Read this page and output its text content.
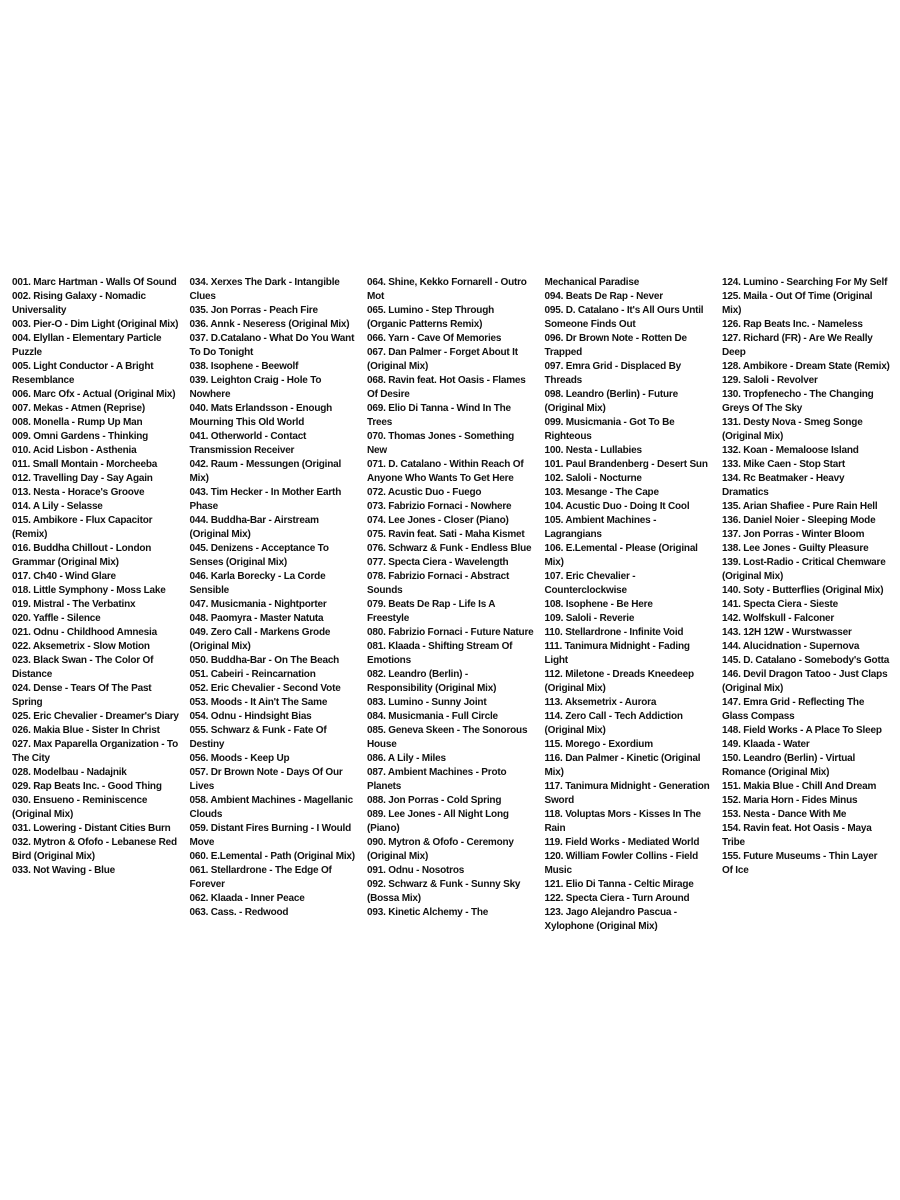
001. Marc Hartman - Walls Of Sound
002. Rising Galaxy - Nomadic Universality
003. Pier-O - Dim Light (Original Mix)
004. Elyllan - Elementary Particle Puzzle
005. Light Conductor - A Bright Resemblance
006. Marc Ofx - Actual (Original Mix)
007. Mekas - Atmen (Reprise)
008. Monella - Rump Up Man
009. Omni Gardens - Thinking
010. Acid Lisbon - Asthenia
011. Small Montain - Morcheeba
012. Travelling Day - Say Again
013. Nesta - Horace's Groove
014. A Lily - Selasse
015. Ambikore - Flux Capacitor (Remix)
016. Buddha Chillout - London Grammar (Original Mix)
017. Ch40 - Wind Glare
018. Little Symphony - Moss Lake
019. Mistral - The Verbatinx
020. Yaffle - Silence
021. Odnu - Childhood Amnesia
022. Aksemetrix - Slow Motion
023. Black Swan - The Color Of Distance
024. Dense - Tears Of The Past Spring
025. Eric Chevalier - Dreamer's Diary
026. Makia Blue - Sister In Christ
027. Max Paparella Organization - To The City
028. Modelbau - Nadajnik
029. Rap Beats Inc. - Good Thing
030. Ensueno - Reminiscence (Original Mix)
031. Lowering - Distant Cities Burn
032. Mytron & Ofofo - Lebanese Red Bird (Original Mix)
033. Not Waving - Blue
034. Xerxes The Dark - Intangible Clues
035. Jon Porras - Peach Fire
036. Annk - Neseress (Original Mix)
037. D.Catalano - What Do You Want To Do Tonight
038. Isophene - Beewolf
039. Leighton Craig - Hole To Nowhere
040. Mats Erlandsson - Enough Mourning This Old World
041. Otherworld - Contact Transmission Receiver
042. Raum - Messungen (Original Mix)
043. Tim Hecker - In Mother Earth Phase
044. Buddha-Bar - Airstream (Original Mix)
045. Denizens - Acceptance To Senses (Original Mix)
046. Karla Borecky - La Corde Sensible
047. Musicmania - Nightporter
048. Paomyra - Master Natuta
049. Zero Call - Markens Grode (Original Mix)
050. Buddha-Bar - On The Beach
051. Cabeiri - Reincarnation
052. Eric Chevalier - Second Vote
053. Moods - It Ain't The Same
054. Odnu - Hindsight Bias
055. Schwarz & Funk - Fate Of Destiny
056. Moods - Keep Up
057. Dr Brown Note - Days Of Our Lives
058. Ambient Machines - Magellanic Clouds
059. Distant Fires Burning - I Would Move
060. E.Lemental - Path (Original Mix)
061. Stellardrone - The Edge Of Forever
062. Klaada - Inner Peace
063. Cass. - Redwood
064. Shine, Kekko Fornarell - Outro Mot
065. Lumino - Step Through (Organic Patterns Remix)
066. Yarn - Cave Of Memories
067. Dan Palmer - Forget About It (Original Mix)
068. Ravin feat. Hot Oasis - Flames Of Desire
069. Elio Di Tanna - Wind In The Trees
070. Thomas Jones - Something New
071. D. Catalano - Within Reach Of Anyone Who Wants To Get Here
072. Acustic Duo - Fuego
073. Fabrizio Fornaci - Nowhere
074. Lee Jones - Closer (Piano)
075. Ravin feat. Sati - Maha Kismet
076. Schwarz & Funk - Endless Blue
077. Specta Ciera - Wavelength
078. Fabrizio Fornaci - Abstract Sounds
079. Beats De Rap - Life Is A Freestyle
080. Fabrizio Fornaci - Future Nature
081. Klaada - Shifting Stream Of Emotions
082. Leandro (Berlin) - Responsibility (Original Mix)
083. Lumino - Sunny Joint
084. Musicmania - Full Circle
085. Geneva Skeen - The Sonorous House
086. A Lily - Miles
087. Ambient Machines - Proto Planets
088. Jon Porras - Cold Spring
089. Lee Jones - All Night Long (Piano)
090. Mytron & Ofofo - Ceremony (Original Mix)
091. Odnu - Nosotros
092. Schwarz & Funk - Sunny Sky (Bossa Mix)
093. Kinetic Alchemy - The
Mechanical Paradise
094. Beats De Rap - Never
095. D. Catalano - It's All Ours Until Someone Finds Out
096. Dr Brown Note - Rotten De Trapped
097. Emra Grid - Displaced By Threads
098. Leandro (Berlin) - Future (Original Mix)
099. Musicmania - Got To Be Righteous
100. Nesta - Lullabies
101. Paul Brandenberg - Desert Sun
102. Saloli - Nocturne
103. Mesange - The Cape
104. Acustic Duo - Doing It Cool
105. Ambient Machines - Lagrangians
106. E.Lemental - Please (Original Mix)
107. Eric Chevalier - Counterclockwise
108. Isophene - Be Here
109. Saloli - Reverie
110. Stellardrone - Infinite Void
111. Tanimura Midnight - Fading Light
112. Miletone - Dreads Kneedeep (Original Mix)
113. Aksemetrix - Aurora
114. Zero Call - Tech Addiction (Original Mix)
115. Morego - Exordium
116. Dan Palmer - Kinetic (Original Mix)
117. Tanimura Midnight - Generation Sword
118. Voluptas Mors - Kisses In The Rain
119. Field Works - Mediated World
120. William Fowler Collins - Field Music
121. Elio Di Tanna - Celtic Mirage
122. Specta Ciera - Turn Around
123. Jago Alejandro Pascua - Xylophone (Original Mix)
124. Lumino - Searching For My Self
125. Maila - Out Of Time (Original Mix)
126. Rap Beats Inc. - Nameless
127. Richard (FR) - Are We Really Deep
128. Ambikore - Dream State (Remix)
129. Saloli - Revolver
130. Tropfenecho - The Changing Greys Of The Sky
131. Desty Nova - Smeg Songe (Original Mix)
132. Koan - Memaloose Island
133. Mike Caen - Stop Start
134. Rc Beatmaker - Heavy Dramatics
135. Arian Shafiee - Pure Rain Hell
136. Daniel Noier - Sleeping Mode
137. Jon Porras - Winter Bloom
138. Lee Jones - Guilty Pleasure
139. Lost-Radio - Critical Chemware (Original Mix)
140. Soty - Butterflies (Original Mix)
141. Specta Ciera - Sieste
142. Wolfskull - Falconer
143. 12H 12W - Wurstwasser
144. Alucidnation - Supernova
145. D. Catalano - Somebody's Gotta
146. Devil Dragon Tatoo - Just Claps (Original Mix)
147. Emra Grid - Reflecting The Glass Compass
148. Field Works - A Place To Sleep
149. Klaada - Water
150. Leandro (Berlin) - Virtual Romance (Original Mix)
151. Makia Blue - Chill And Dream
152. Maria Horn - Fides Minus
153. Nesta - Dance With Me
154. Ravin feat. Hot Oasis - Maya Tribe
155. Future Museums - Thin Layer Of Ice
